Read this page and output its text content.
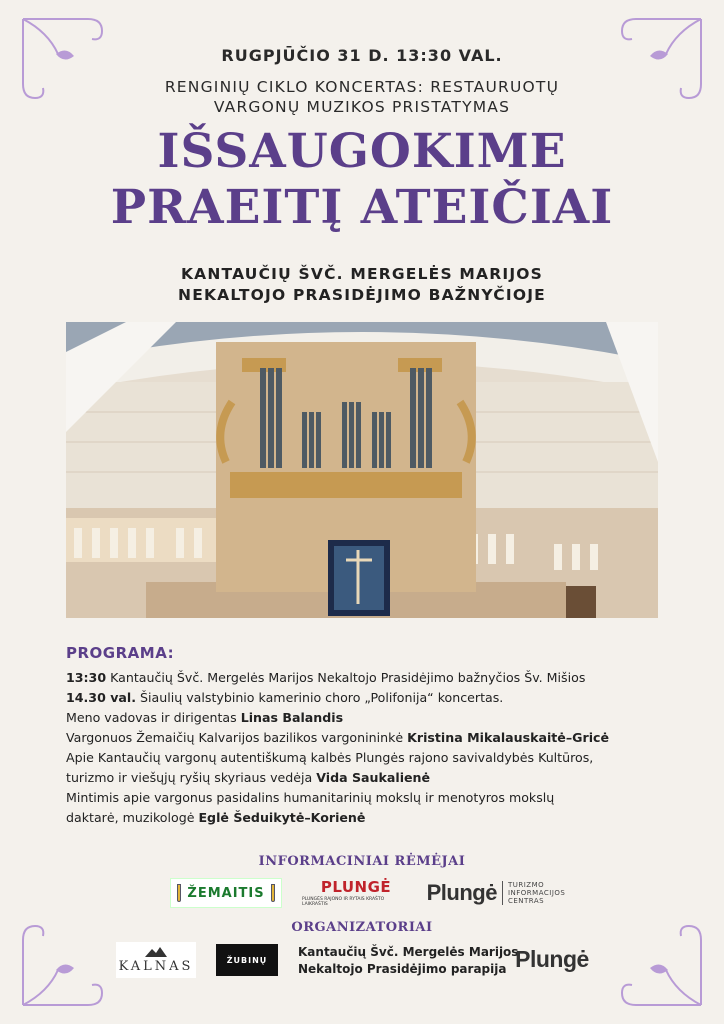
RUGPJŪČIO 31 D. 13:30 VAL.
RENGINIŲ CIKLO KONCERTAS: RESTAURUOTŲ
VARGONŲ MUZIKOS PRISTATYMAS
IŠSAUGOKIME
PRAEITĮ ATEIČIAI
KANTAUČIŲ ŠVČ. MERGELĖS MARIJOS
NEKALTOJO PRASIDĖJIMO BAŽNYČIOJE
PROGRAMA:

13:30 Kantaučių Švč. Mergelės Marijos Nekaltojo Prasidėjimo bažnyčios Šv. Mišios

14.30 val. Šiaulių valstybinio kamerinio choro „Polifonija“ koncertas.

Meno vadovas ir dirigentas Linas Balandis

Vargonuos Žemaičių Kalvarijos bazilikos vargonininkė Kristina Mikalauskaitė–Gricė

Apie Kantaučių vargonų autentiškumą kalbės Plungės rajono savivaldybės Kultūros,

turizmo ir viešųjų ryšių skyriaus vedėja Vida Saukalienė

Mintimis apie vargonus pasidalins humanitarinių mokslų ir menotyros mokslų

daktarė, muzikologė Eglė Šeduikytė–Korienė

INFORMACINIAI RĖMĖJAI
ŽEMAITIS	PLUNGĖ
PLUNGĖS RAJONO IR RYTAIS KRAŠTO LAIKRAŠTIS	Plungė TURIZMO
INFORMACIJOS
CENTRAS
ORGANIZATORIAI
KALNAS	ŽUBINŲ
Kantaučių Švč. Mergelės Marijos
Nekaltojo Prasidėjimo parapija Plungė
